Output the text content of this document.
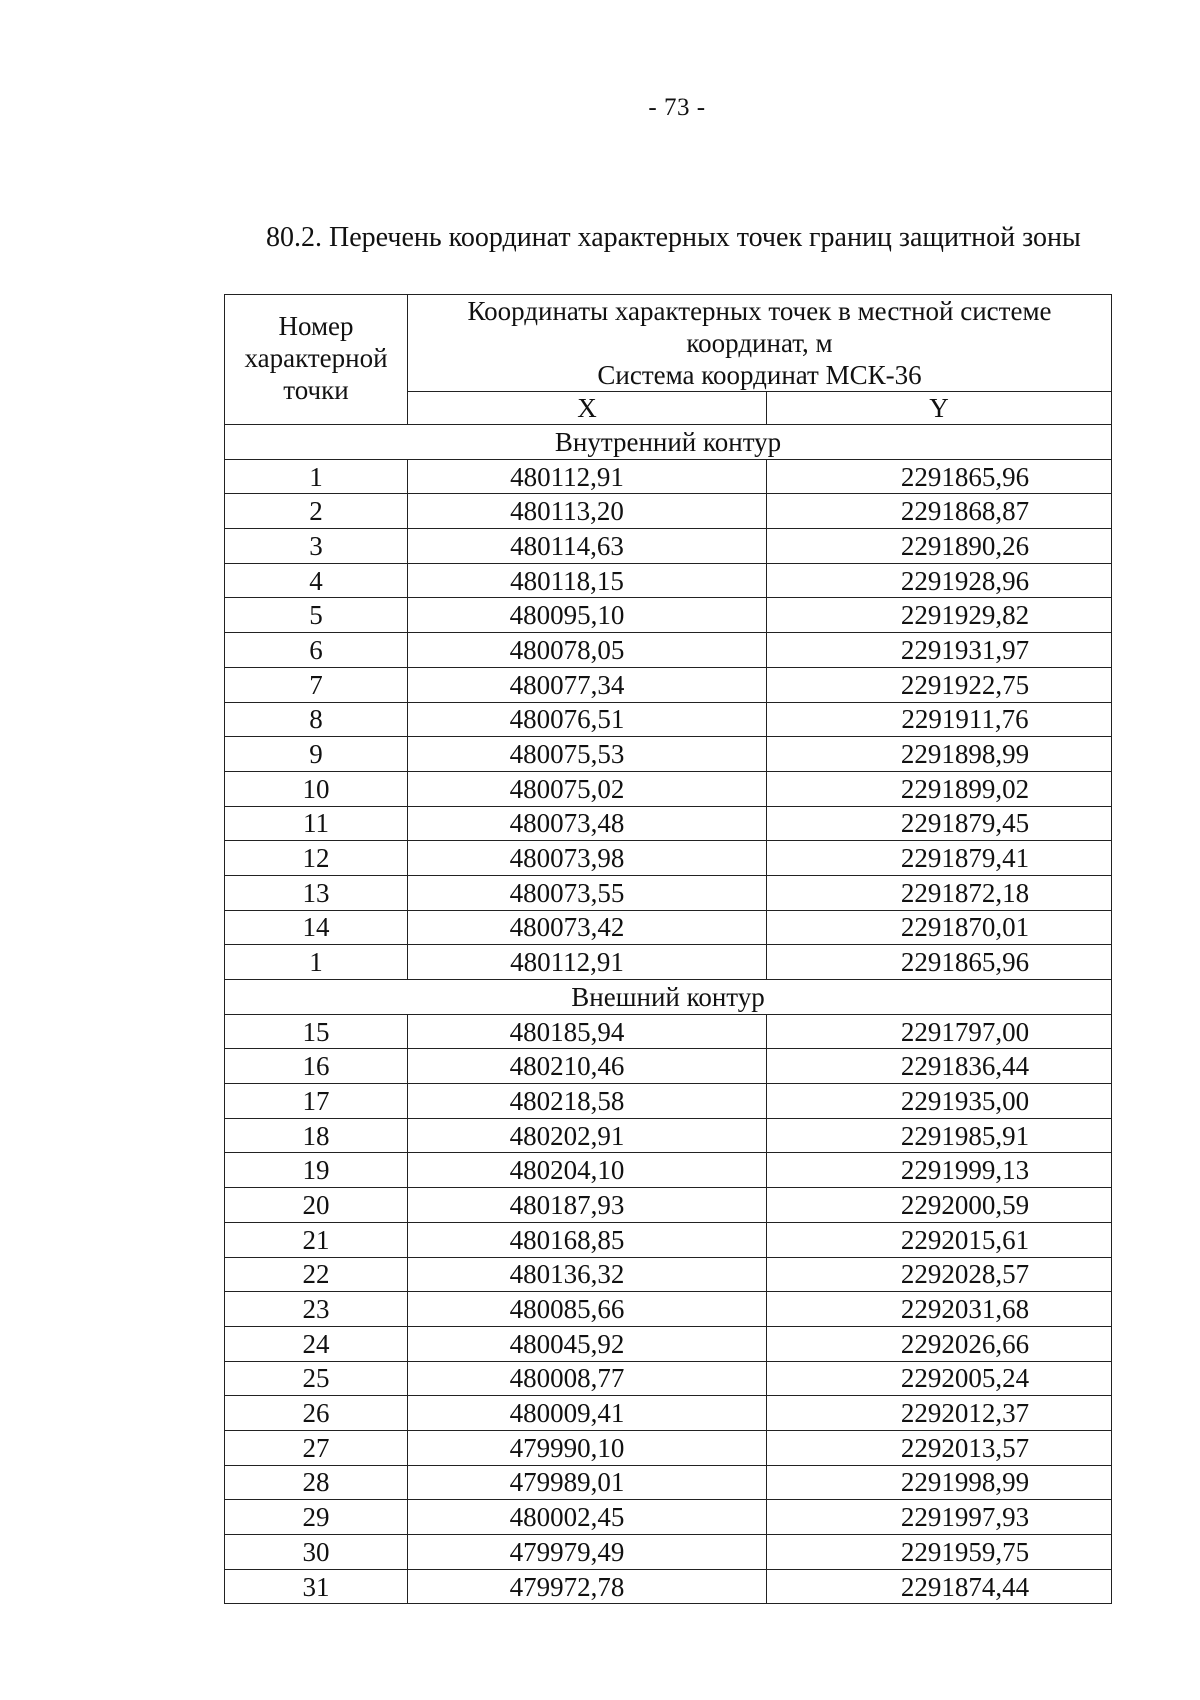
- 73 -
80.2. Перечень координат характерных точек границ защитной зоны
Номер характерной точки	Координаты характерных точек в местной системе координат, м
Система координат МСК-36	

	X	Y
Внутренний контур		
1	480112,91	2291865,96
2	480113,20	2291868,87
3	480114,63	2291890,26
4	480118,15	2291928,96
5	480095,10	2291929,82
6	480078,05	2291931,97
7	480077,34	2291922,75
8	480076,51	2291911,76
9	480075,53	2291898,99
10	480075,02	2291899,02
11	480073,48	2291879,45
12	480073,98	2291879,41
13	480073,55	2291872,18
14	480073,42	2291870,01
1	480112,91	2291865,96
Внешний контур		
15	480185,94	2291797,00
16	480210,46	2291836,44
17	480218,58	2291935,00
18	480202,91	2291985,91
19	480204,10	2291999,13
20	480187,93	2292000,59
21	480168,85	2292015,61
22	480136,32	2292028,57
23	480085,66	2292031,68
24	480045,92	2292026,66
25	480008,77	2292005,24
26	480009,41	2292012,37
27	479990,10	2292013,57
28	479989,01	2291998,99
29	480002,45	2291997,93
30	479979,49	2291959,75
31	479972,78	2291874,44
